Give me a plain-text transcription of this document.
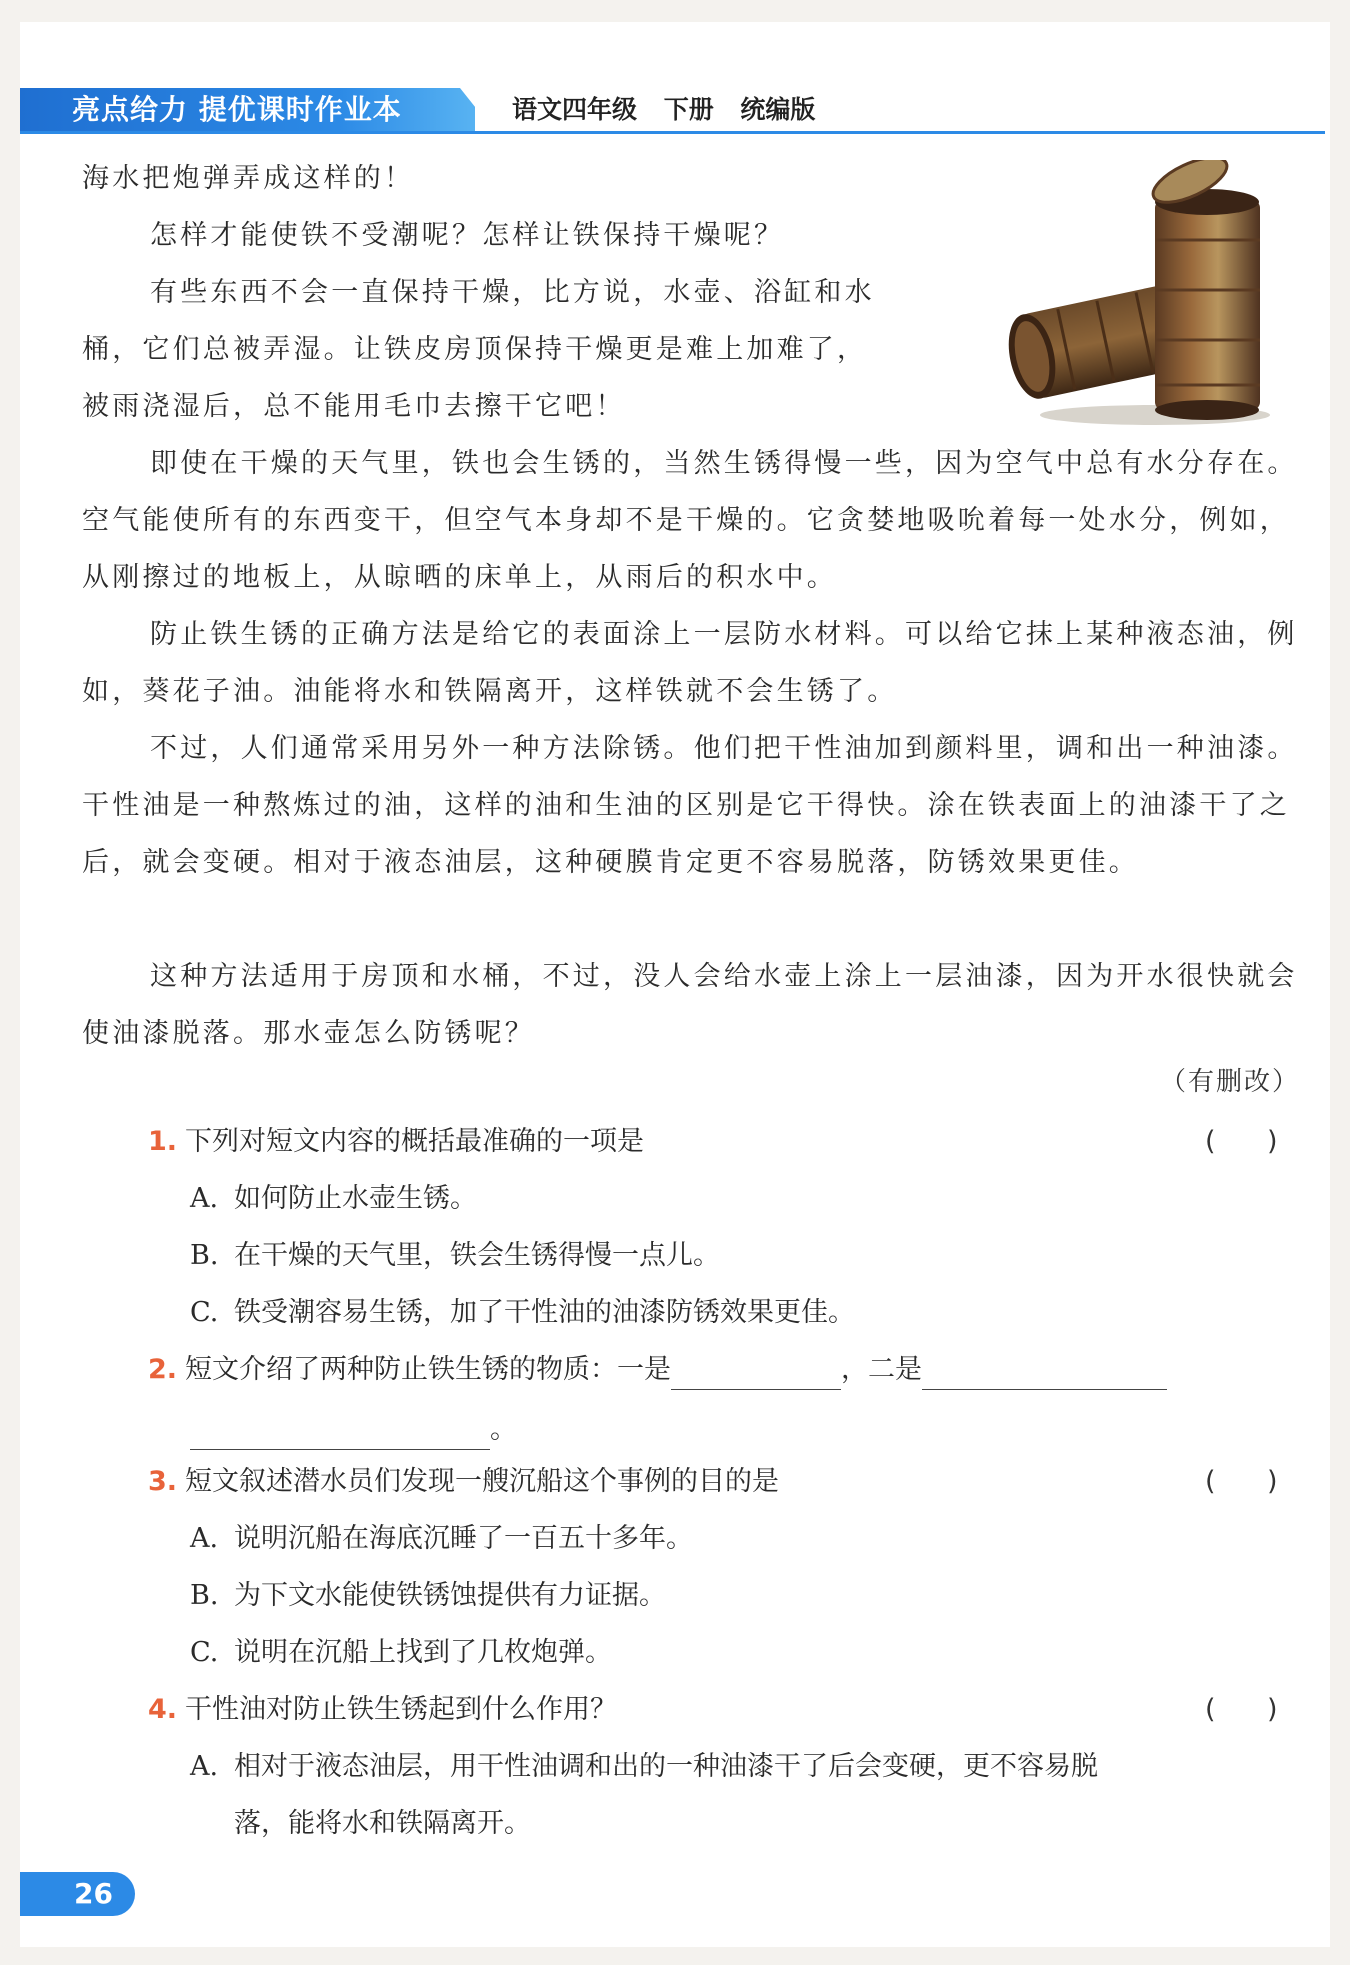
亮点给力 提优课时作业本	语文四年级 下册 统编版

海水把炮弹弄成这样的！

怎样才能使铁不受潮呢？怎样让铁保持干燥呢？

有些东西不会一直保持干燥，比方说，水壶、浴缸和水

桶，它们总被弄湿。让铁皮房顶保持干燥更是难上加难了，

被雨浇湿后，总不能用毛巾去擦干它吧！

即使在干燥的天气里，铁也会生锈的，当然生锈得慢一些，因为空气中总有水分存在。空气能使所有的东西变干，但空气本身却不是干燥的。它贪婪地吸吮着每一处水分，例如，从刚擦过的地板上，从晾晒的床单上，从雨后的积水中。

防止铁生锈的正确方法是给它的表面涂上一层防水材料。可以给它抹上某种液态油，例如，葵花子油。油能将水和铁隔离开，这样铁就不会生锈了。

不过，人们通常采用另外一种方法除锈。他们把干性油加到颜料里，调和出一种油漆。干性油是一种熬炼过的油，这样的油和生油的区别是它干得快。涂在铁表面上的油漆干了之后，就会变硬。相对于液态油层，这种硬膜肯定更不容易脱落，防锈效果更佳。

这种方法适用于房顶和水桶，不过，没人会给水壶上涂上一层油漆，因为开水很快就会使油漆脱落。那水壶怎么防锈呢？

（有删改）
1. 下列对短文内容的概括最准确的一项是	(      )
A. 如何防止水壶生锈。
B. 在干燥的天气里，铁会生锈得慢一点儿。
C. 铁受潮容易生锈，加了干性油的油漆防锈效果更佳。
2. 短文介绍了两种防止铁生锈的物质：一是	，二是
。
3. 短文叙述潜水员们发现一艘沉船这个事例的目的是	(      )
A. 说明沉船在海底沉睡了一百五十多年。
B. 为下文水能使铁锈蚀提供有力证据。
C. 说明在沉船上找到了几枚炮弹。
4. 干性油对防止铁生锈起到什么作用？	(      )
A. 相对于液态油层，用干性油调和出的一种油漆干了后会变硬，更不容易脱
落，能将水和铁隔离开。
26
